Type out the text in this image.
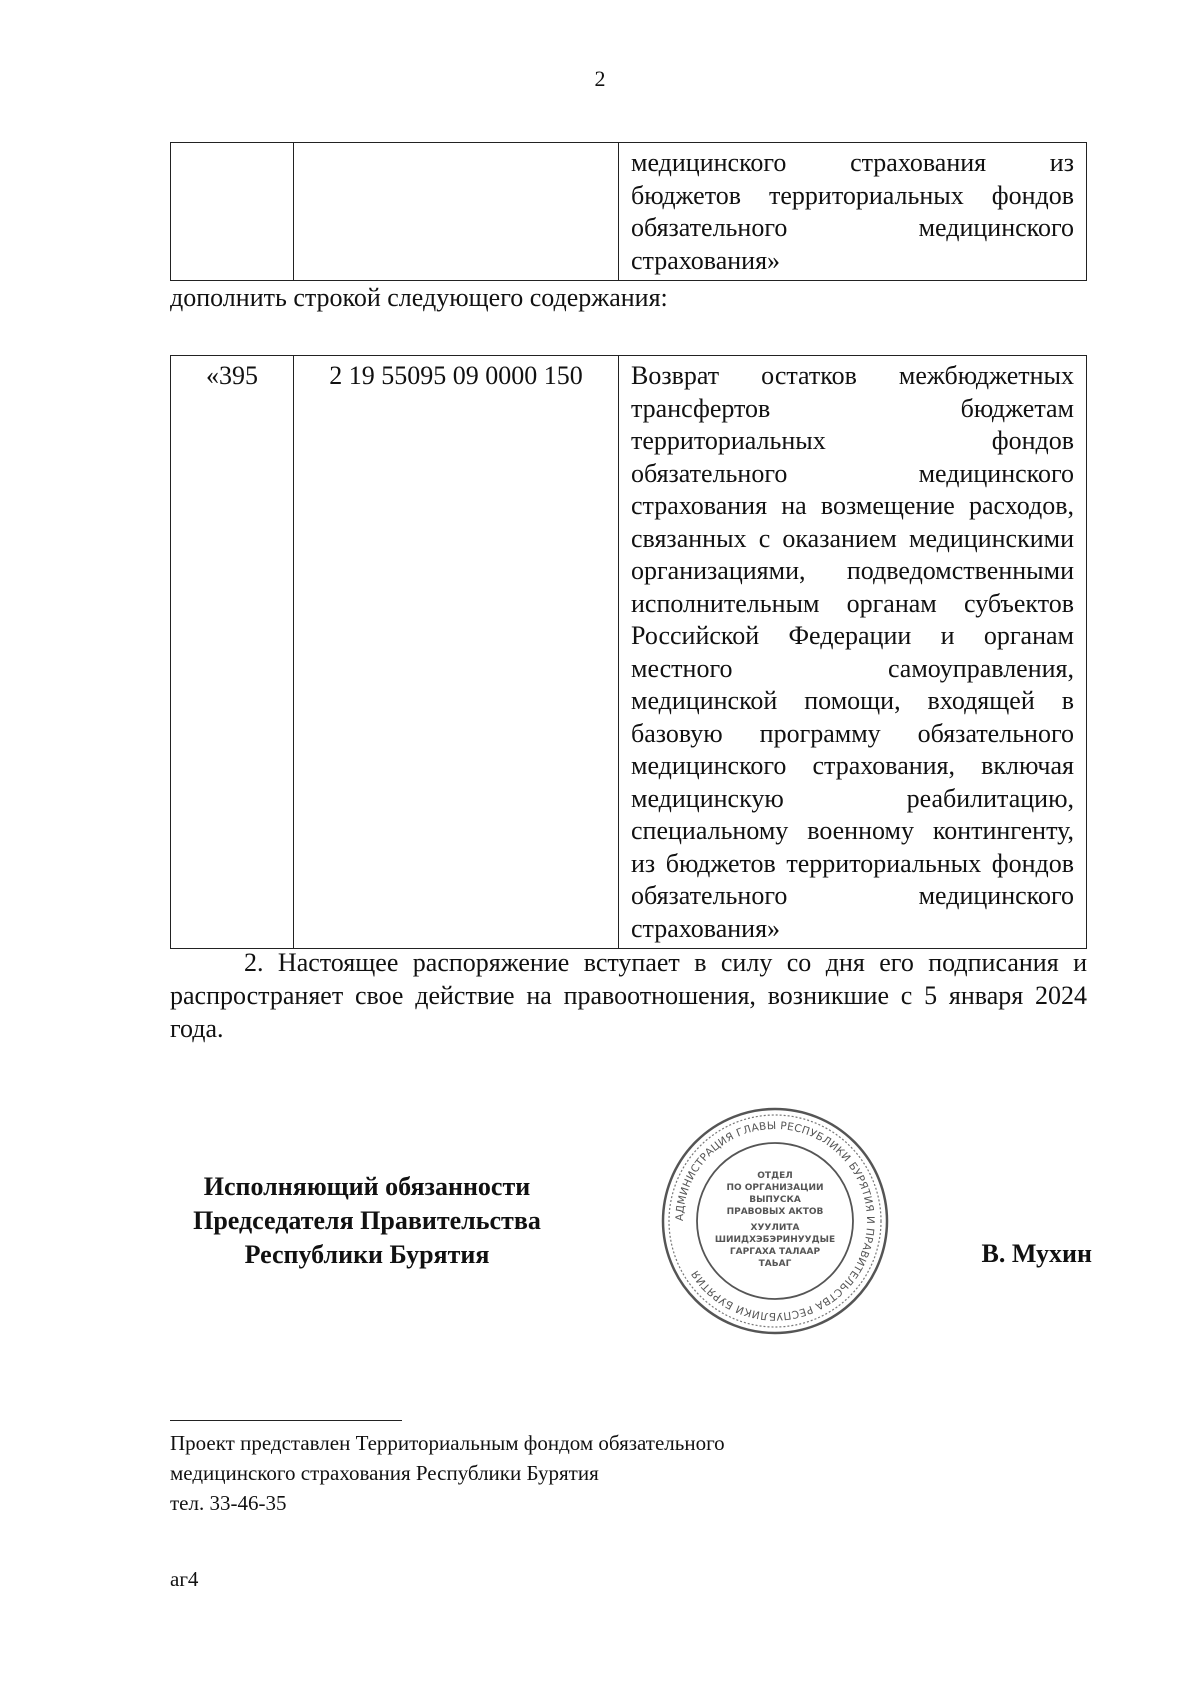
2
		медицинского страхования из бюджетов территориальных фондов обязательного медицинского страхования»
дополнить строкой следующего содержания:
«395	2 19 55095 09 0000 150	Возврат остатков межбюджетных трансфертов бюджетам территориальных фондов обязательного медицинского страхования на возмещение расходов, связанных с оказанием медицинскими организациями, подведомственными исполнительным органам субъектов Российской Федерации и органам местного самоуправления, медицинской помощи, входящей в базовую программу обязательного медицинского страхования, включая медицинскую реабилитацию, специальному военному контингенту, из бюджетов территориальных фондов обязательного медицинского страхования»

2. Настоящее распоряжение вступает в силу со дня его подписания и распространяет свое действие на правоотношения, возникшие с 5 января 2024 года.

Исполняющий обязанности
Председателя Правительства
Республики Бурятия
АДМИНИСТРАЦИЯ ГЛАВЫ РЕСПУБЛИКИ БУРЯТИЯ И ПРАВИТЕЛЬСТВА РЕСПУБЛИКИ БУРЯТИЯ
ОТДЕЛ
ПО ОРГАНИЗАЦИИ
ВЫПУСКА
ПРАВОВЫХ АКТОВ
ХУУЛИТА
ШИИДХЭБЭРИНУУДЫЕ
ГАРГАХА ТАЛААР
ТАЬАГ	В. Мухин
Проект представлен Территориальным фондом обязательного
медицинского страхования Республики Бурятия
тел. 33-46-35
аг4
